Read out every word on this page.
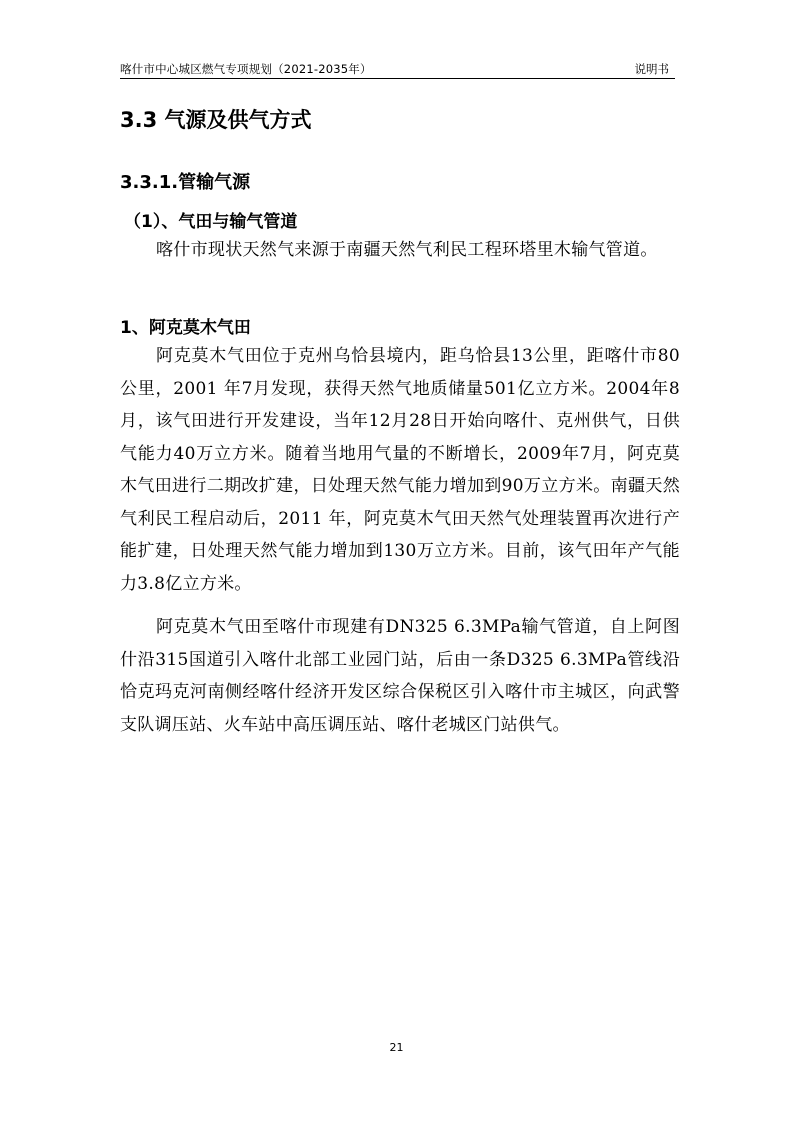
喀什市中心城区燃气专项规划（2021-2035年）	说明书
3.3 气源及供气方式
3.3.1.管输气源
（1）、气田与输气管道

喀什市现状天然气来源于南疆天然气利民工程环塔里木输气管道。

1、阿克莫木气田

阿克莫木气田位于克州乌恰县境内，距乌恰县13公里，距喀什市80公里，2001 年7月发现，获得天然气地质储量501亿立方米。2004年8月，该气田进行开发建设，当年12月28日开始向喀什、克州供气，日供气能力40万立方米。随着当地用气量的不断增长，2009年7月，阿克莫木气田进行二期改扩建，日处理天然气能力增加到90万立方米。南疆天然气利民工程启动后，2011 年，阿克莫木气田天然气处理装置再次进行产能扩建，日处理天然气能力增加到130万立方米。目前，该气田年产气能力3.8亿立方米。

阿克莫木气田至喀什市现建有DN325 6.3MPa输气管道，自上阿图什沿315国道引入喀什北部工业园门站，后由一条D325 6.3MPa管线沿恰克玛克河南侧经喀什经济开发区综合保税区引入喀什市主城区，向武警支队调压站、火车站中高压调压站、喀什老城区门站供气。

21
